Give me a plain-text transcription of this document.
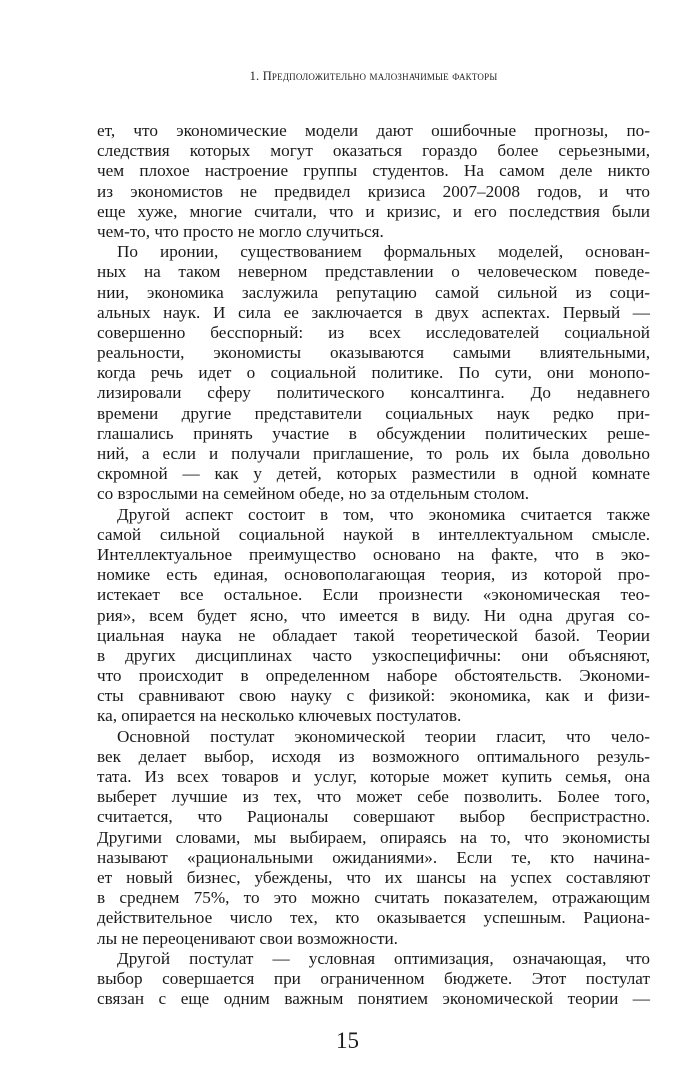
1. Предположительно малозначимые факторы
ет, что экономические модели дают ошибочные прогнозы, по-
следствия которых могут оказаться гораздо более серьезными,
чем плохое настроение группы студентов. На самом деле никто
из экономистов не предвидел кризиса 2007–2008 годов, и что
еще хуже, многие считали, что и кризис, и его последствия были
чем-то, что просто не могло случиться.
По иронии, существованием формальных моделей, основан-
ных на таком неверном представлении о человеческом поведе-
нии, экономика заслужила репутацию самой сильной из соци-
альных наук. И сила ее заключается в двух аспектах. Первый —
совершенно бесспорный: из всех исследователей социальной
реальности, экономисты оказываются самыми влиятельными,
когда речь идет о социальной политике. По сути, они монопо-
лизировали сферу политического консалтинга. До недавнего
времени другие представители социальных наук редко при-
глашались принять участие в обсуждении политических реше-
ний, а если и получали приглашение, то роль их была довольно
скромной — как у детей, которых разместили в одной комнате
со взрослыми на семейном обеде, но за отдельным столом.
Другой аспект состоит в том, что экономика считается также
самой сильной социальной наукой в интеллектуальном смысле.
Интеллектуальное преимущество основано на факте, что в эко-
номике есть единая, основополагающая теория, из которой про-
истекает все остальное. Если произнести «экономическая тео-
рия», всем будет ясно, что имеется в виду. Ни одна другая со-
циальная наука не обладает такой теоретической базой. Теории
в других дисциплинах часто узкоспецифичны: они объясняют,
что происходит в определенном наборе обстоятельств. Экономи-
сты сравнивают свою науку с физикой: экономика, как и физи-
ка, опирается на несколько ключевых постулатов.
Основной постулат экономической теории гласит, что чело-
век делает выбор, исходя из возможного оптимального резуль-
тата. Из всех товаров и услуг, которые может купить семья, она
выберет лучшие из тех, что может себе позволить. Более того,
считается, что Рационалы совершают выбор беспристрастно.
Другими словами, мы выбираем, опираясь на то, что экономисты
называют «рациональными ожиданиями». Если те, кто начина-
ет новый бизнес, убеждены, что их шансы на успех составляют
в среднем 75%, то это можно считать показателем, отражающим
действительное число тех, кто оказывается успешным. Рациона-
лы не переоценивают свои возможности.
Другой постулат — условная оптимизация, означающая, что
выбор совершается при ограниченном бюджете. Этот постулат
связан с еще одним важным понятием экономической теории —
15
